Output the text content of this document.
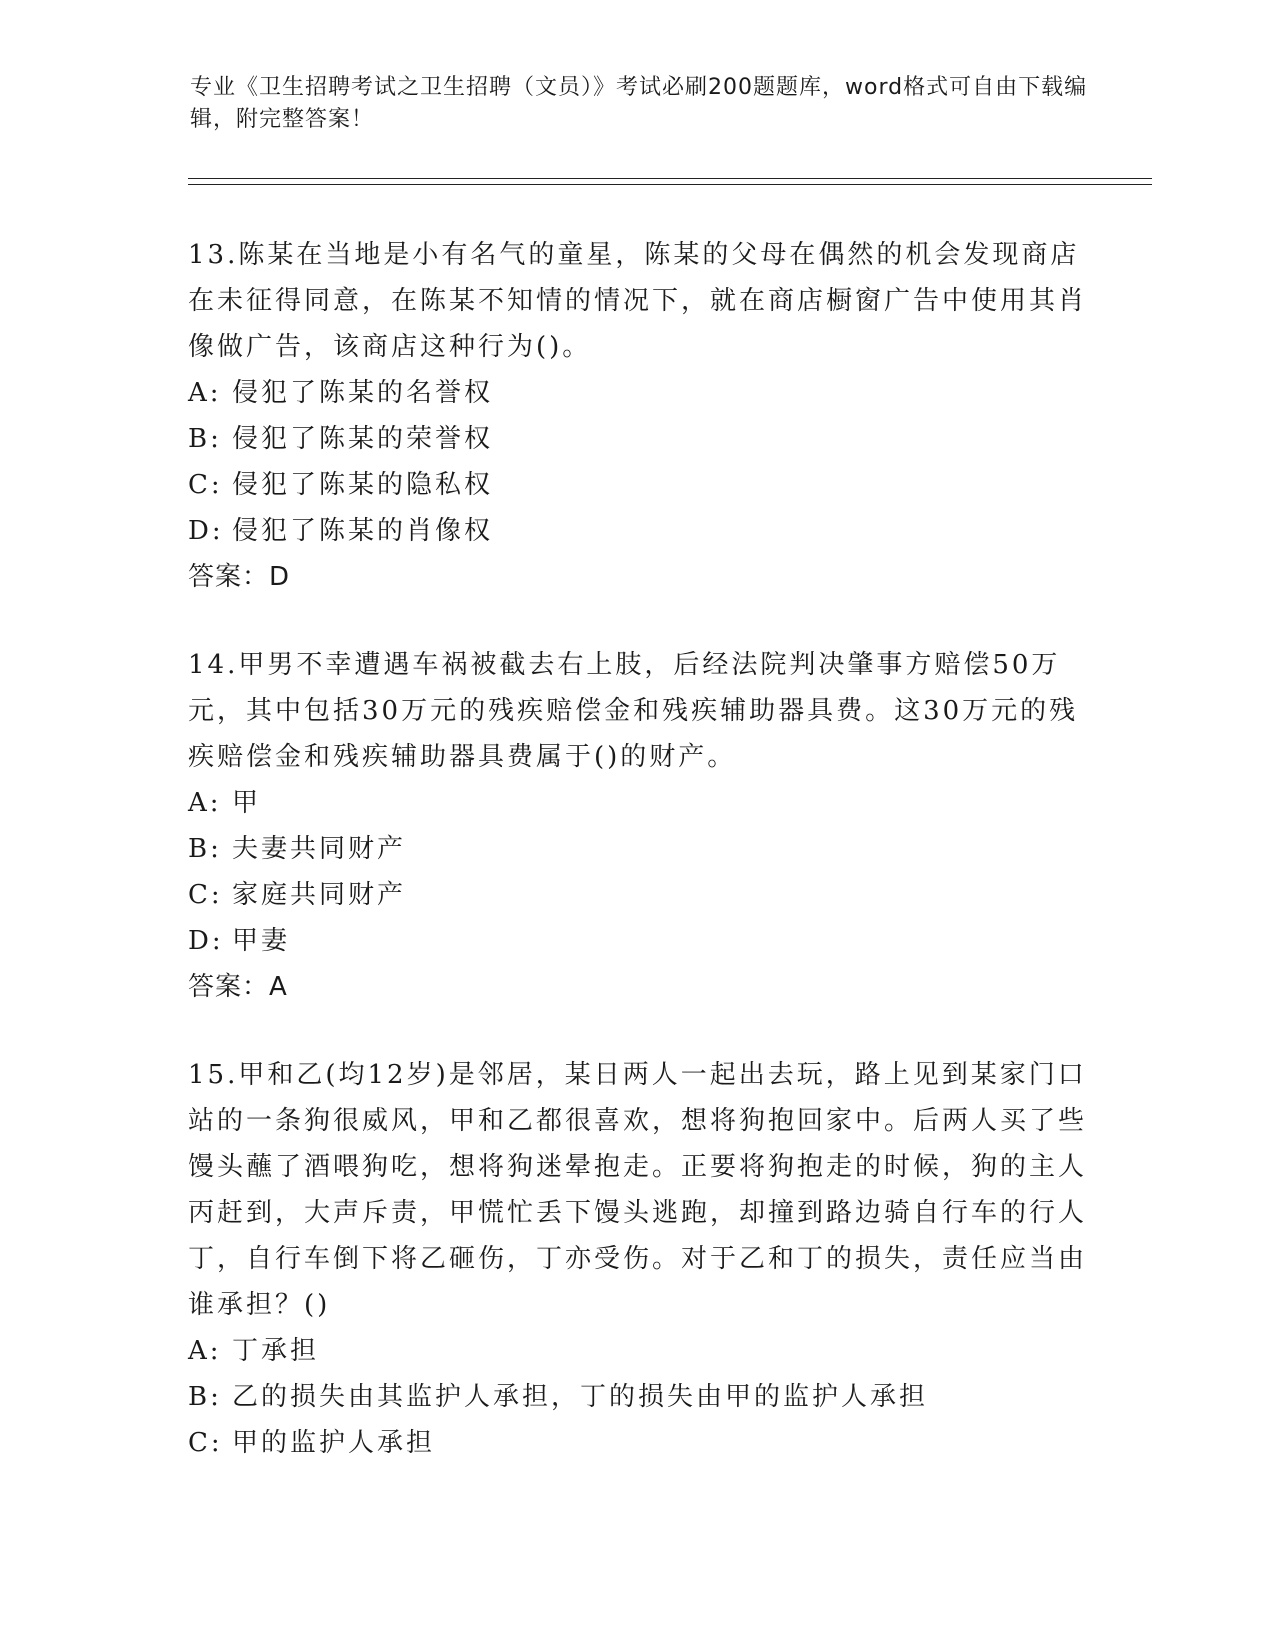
专业《卫生招聘考试之卫生招聘（文员）》考试必刷200题题库，word格式可自由下载编辑，附完整答案！

13.陈某在当地是小有名气的童星，陈某的父母在偶然的机会发现商店在未征得同意，在陈某不知情的情况下，就在商店橱窗广告中使用其肖像做广告，该商店这种行为()。

A: 侵犯了陈某的名誉权

B: 侵犯了陈某的荣誉权

C: 侵犯了陈某的隐私权

D: 侵犯了陈某的肖像权

答案：D

14.甲男不幸遭遇车祸被截去右上肢，后经法院判决肇事方赔偿50万元，其中包括30万元的残疾赔偿金和残疾辅助器具费。这30万元的残疾赔偿金和残疾辅助器具费属于()的财产。

A: 甲

B: 夫妻共同财产

C: 家庭共同财产

D: 甲妻

答案：A

15.甲和乙(均12岁)是邻居，某日两人一起出去玩，路上见到某家门口站的一条狗很威风，甲和乙都很喜欢，想将狗抱回家中。后两人买了些馒头蘸了酒喂狗吃，想将狗迷晕抱走。正要将狗抱走的时候，狗的主人丙赶到，大声斥责，甲慌忙丢下馒头逃跑，却撞到路边骑自行车的行人丁，自行车倒下将乙砸伤，丁亦受伤。对于乙和丁的损失，责任应当由谁承担？()

A: 丁承担

B: 乙的损失由其监护人承担，丁的损失由甲的监护人承担

C: 甲的监护人承担
